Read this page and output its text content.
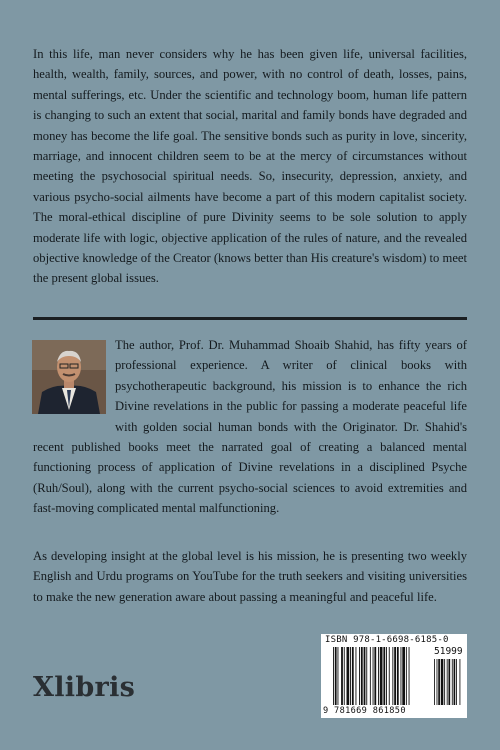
In this life, man never considers why he has been given life, universal facilities, health, wealth, family, sources, and power, with no control of death, losses, pains, mental sufferings, etc. Under the scientific and technology boom, human life pattern is changing to such an extent that social, marital and family bonds have degraded and money has become the life goal. The sensitive bonds such as purity in love, sincerity, marriage, and innocent children seem to be at the mercy of circumstances without meeting the psychosocial spiritual needs. So, insecurity, depression, anxiety, and various psycho-social ailments have become a part of this modern capitalist society. The moral-ethical discipline of pure Divinity seems to be sole solution to apply moderate life with logic, objective application of the rules of nature, and the revealed objective knowledge of the Creator (knows better than His creature's wisdom) to meet the present global issues.

The author, Prof. Dr. Muhammad Shoaib Shahid, has fifty years of professional experience. A writer of clinical books with psychotherapeutic background, his mission is to enhance the rich Divine revelations in the public for passing a moderate peaceful life with golden social human bonds with the Originator. Dr. Shahid's recent published books meet the narrated goal of creating a balanced mental functioning process of application of Divine revelations in a disciplined Psyche (Ruh/Soul), along with the current psycho-social sciences to avoid extremities and fast-moving complicated mental malfunctioning.

As developing insight at the global level is his mission, he is presenting two weekly English and Urdu programs on YouTube for the truth seekers and visiting universities to make the new generation aware about passing a meaningful and peaceful life.

Xlibris
ISBN 978-1-6698-6185-0
51999
9 781669 861850
